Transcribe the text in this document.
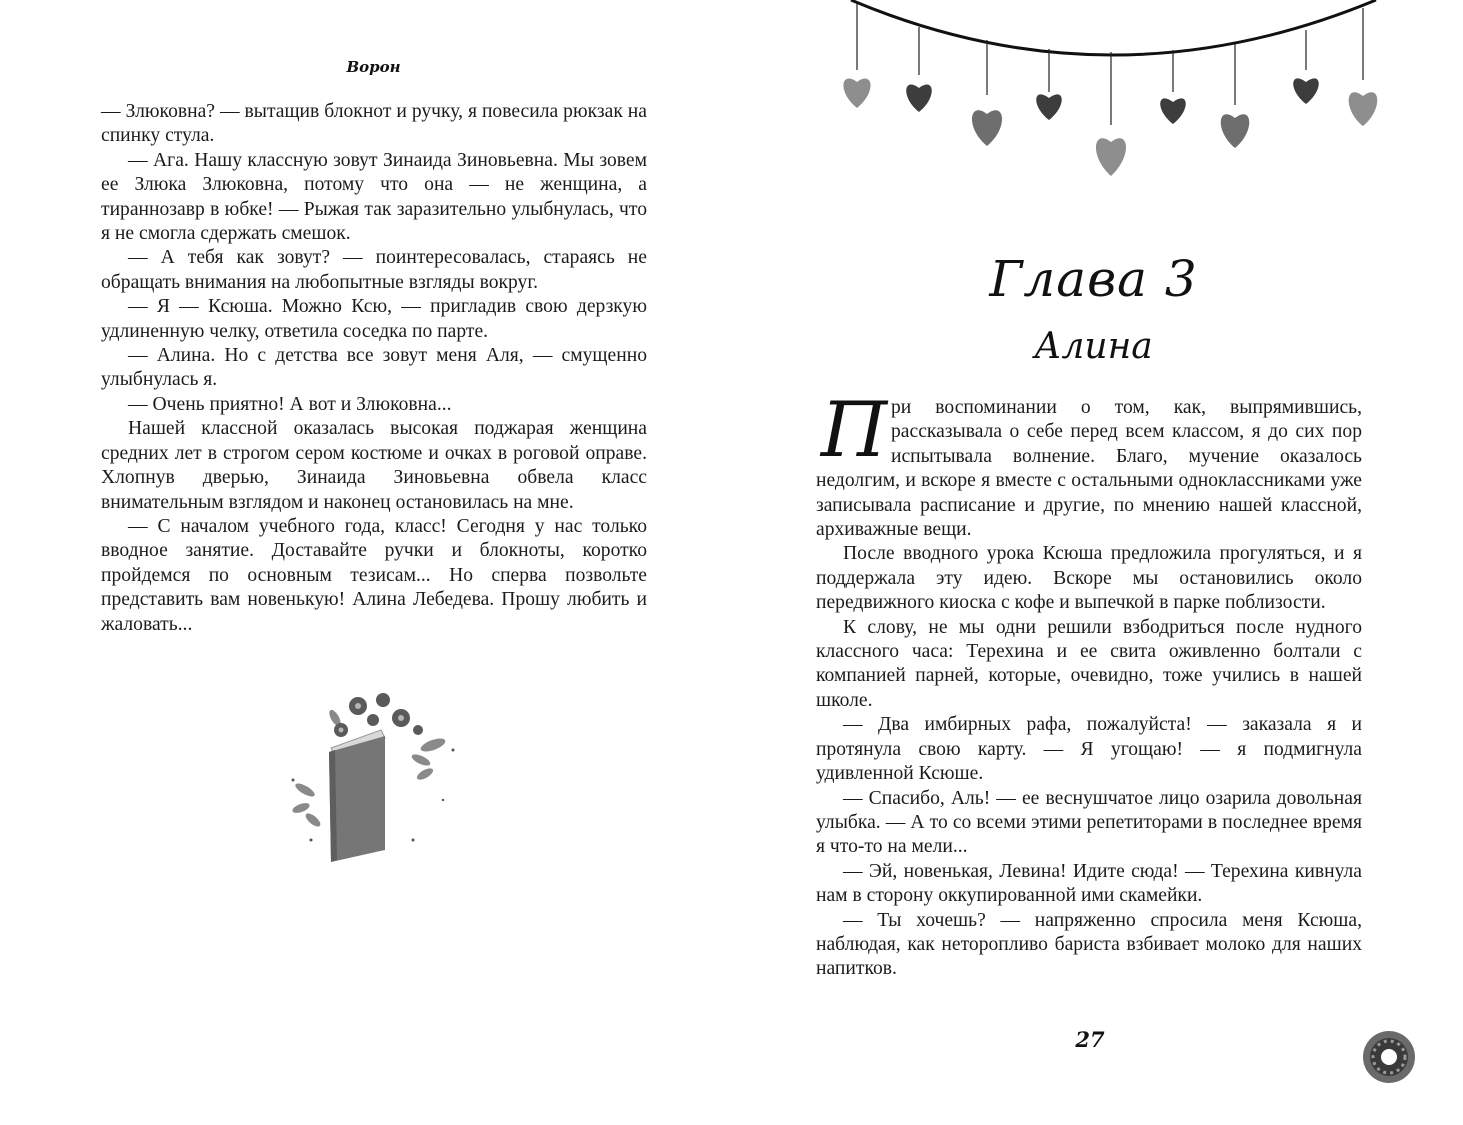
Ворон

— Злюковна? — вытащив блокнот и ручку, я повесила рюкзак на спинку стула.

— Ага. Нашу классную зовут Зинаида Зиновьевна. Мы зовем ее Злюка Злюковна, потому что она — не женщина, а тираннозавр в юбке! — Рыжая так заразительно улыбнулась, что я не смогла сдержать смешок.

— А тебя как зовут? — поинтересовалась, стараясь не обращать внимания на любопытные взгляды вокруг.

— Я — Ксюша. Можно Ксю, — пригладив свою дерзкую удлиненную челку, ответила соседка по парте.

— Алина. Но с детства все зовут меня Аля, — смущенно улыбнулась я.

— Очень приятно! А вот и Злюковна...

Нашей классной оказалась высокая поджарая женщина средних лет в строгом сером костюме и очках в роговой оправе. Хлопнув дверью, Зинаида Зиновьевна обвела класс внимательным взглядом и наконец остановилась на мне.

— С началом учебного года, класс! Сегодня у нас только вводное занятие. Доставайте ручки и блокноты, коротко пройдемся по основным тезисам... Но сперва позвольте представить вам новенькую! Алина Лебедева. Прошу любить и жаловать...

Глава 3
Алина

ри воспоминании о том, как, выпрямившись, рассказывала о себе перед всем классом, я до сих пор испытывала волнение. Благо, мучение оказалось недолгим, и вскоре я вместе с остальными одноклассниками уже записывала расписание и другие, по мнению нашей классной, архиважные вещи.

После вводного урока Ксюша предложила прогуляться, и я поддержала эту идею. Вскоре мы остановились около передвижного киоска с кофе и выпечкой в парке поблизости.

К слову, не мы одни решили взбодриться после нудного классного часа: Терехина и ее свита оживленно болтали с компанией парней, которые, очевидно, тоже учились в нашей школе.

— Два имбирных рафа, пожалуйста! — заказала я и протянула свою карту. — Я угощаю! — я подмигнула удивленной Ксюше.

— Спасибо, Аль! — ее веснушчатое лицо озарила довольная улыбка. — А то со всеми этими репетиторами в последнее время я что-то на мели...

— Эй, новенькая, Левина! Идите сюда! — Терехина кивнула нам в сторону оккупированной ими скамейки.

— Ты хочешь? — напряженно спросила меня Ксюша, наблюдая, как неторопливо бариста взбивает молоко для наших напитков.

П
27
